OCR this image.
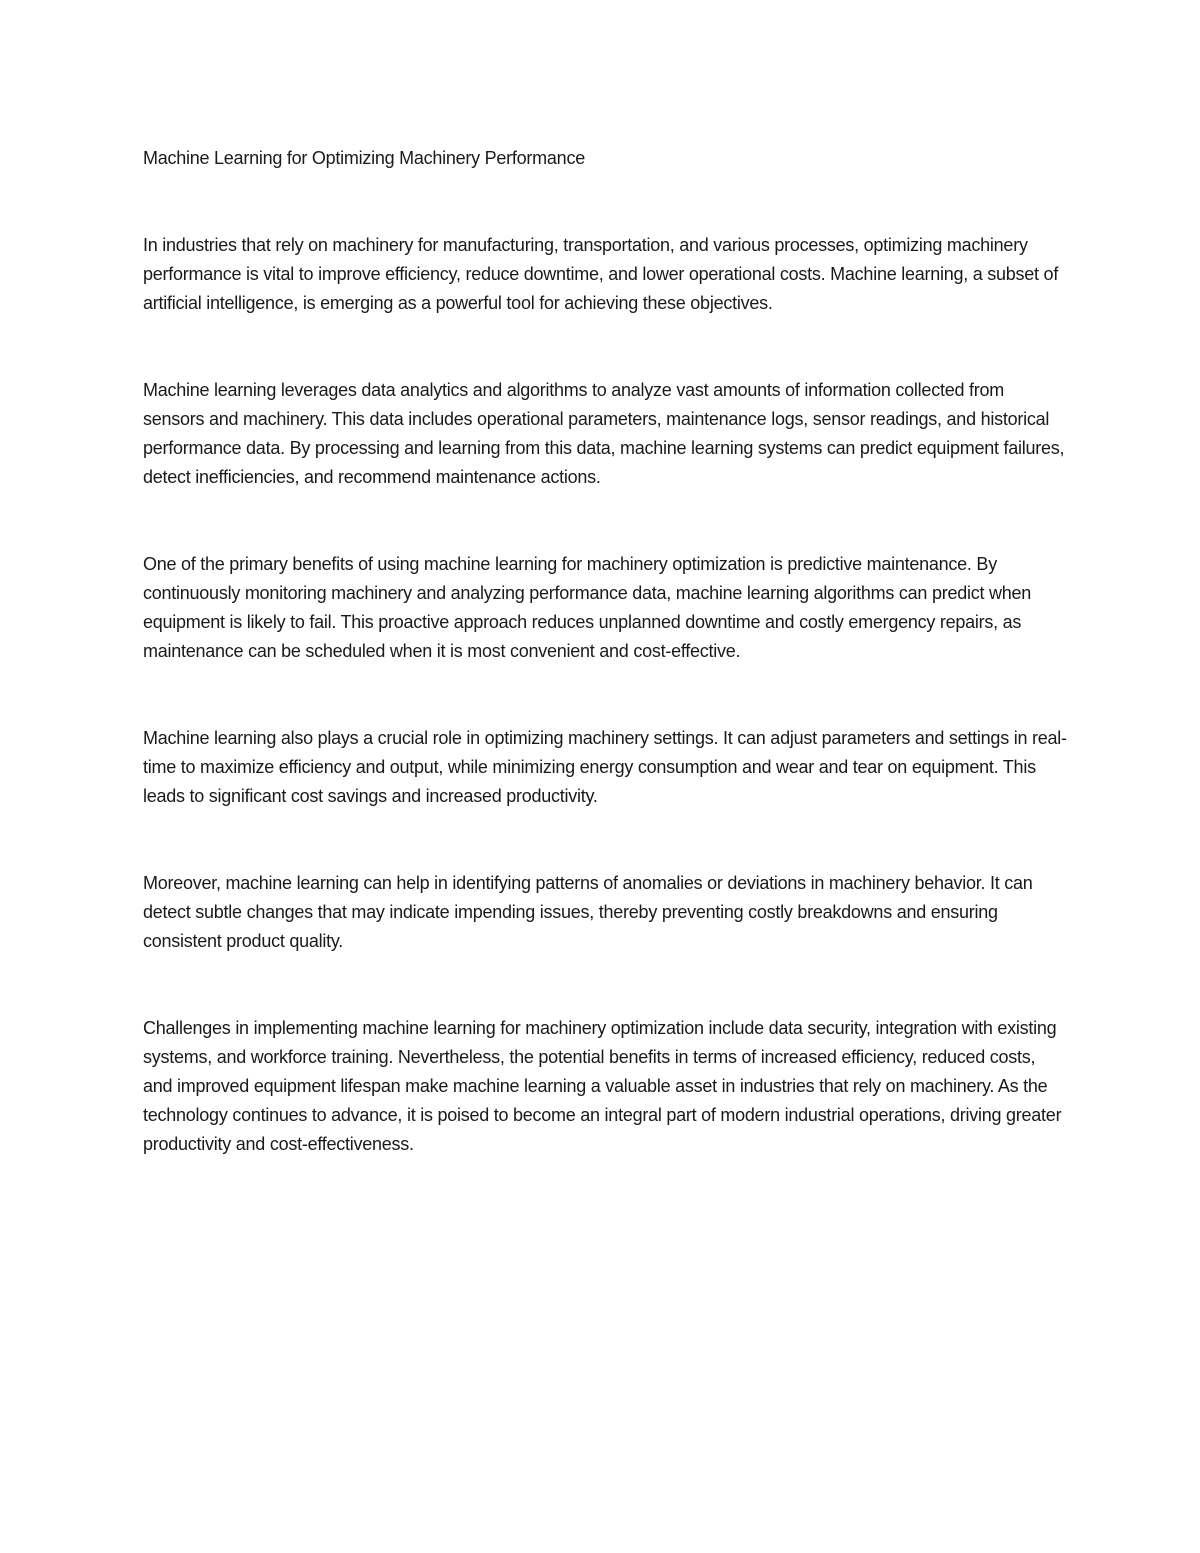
Machine Learning for Optimizing Machinery Performance

In industries that rely on machinery for manufacturing, transportation, and various processes, optimizing machinery performance is vital to improve efficiency, reduce downtime, and lower operational costs. Machine learning, a subset of artificial intelligence, is emerging as a powerful tool for achieving these objectives.

Machine learning leverages data analytics and algorithms to analyze vast amounts of information collected from sensors and machinery. This data includes operational parameters, maintenance logs, sensor readings, and historical performance data. By processing and learning from this data, machine learning systems can predict equipment failures, detect inefficiencies, and recommend maintenance actions.

One of the primary benefits of using machine learning for machinery optimization is predictive maintenance. By continuously monitoring machinery and analyzing performance data, machine learning algorithms can predict when equipment is likely to fail. This proactive approach reduces unplanned downtime and costly emergency repairs, as maintenance can be scheduled when it is most convenient and cost-effective.

Machine learning also plays a crucial role in optimizing machinery settings. It can adjust parameters and settings in real-time to maximize efficiency and output, while minimizing energy consumption and wear and tear on equipment. This leads to significant cost savings and increased productivity.

Moreover, machine learning can help in identifying patterns of anomalies or deviations in machinery behavior. It can detect subtle changes that may indicate impending issues, thereby preventing costly breakdowns and ensuring consistent product quality.

Challenges in implementing machine learning for machinery optimization include data security, integration with existing systems, and workforce training. Nevertheless, the potential benefits in terms of increased efficiency, reduced costs, and improved equipment lifespan make machine learning a valuable asset in industries that rely on machinery. As the technology continues to advance, it is poised to become an integral part of modern industrial operations, driving greater productivity and cost-effectiveness.
